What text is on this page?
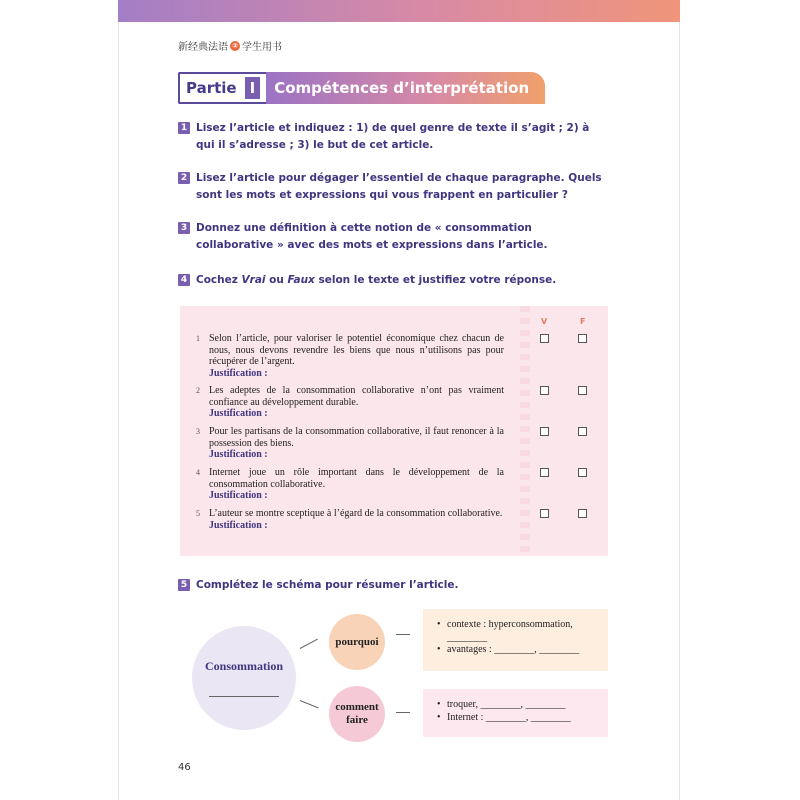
新经典法语 ② 学生用书
Partie I	Compétences d’interprétation
1 Lisez l’article et indiquez : 1) de quel genre de texte il s’agit ; 2) à qui il s’adresse ; 3) le but de cet article.
2 Lisez l’article pour dégager l’essentiel de chaque paragraphe. Quels sont les mots et expressions qui vous frappent en particulier ?
3 Donnez une définition à cette notion de « consommation collaborative » avec des mots et expressions dans l’article.
4 Cochez Vrai ou Faux selon le texte et justifiez votre réponse.
V	F
1 Selon l’article, pour valoriser le potentiel économique chez chacun de nous, nous devons revendre les biens que nous n’utilisons pas pour récupérer de l’argent.
Justification :
2 Les adeptes de la consommation collaborative n’ont pas vraiment confiance au développement durable.
Justification :
3 Pour les partisans de la consommation collaborative, il faut renoncer à la possession des biens.
Justification :
4 Internet joue un rôle important dans le développement de la consommation collaborative.
Justification :
5 L’auteur se montre sceptique à l’égard de la consommation collaborative.
Justification :
5 Complétez le schéma pour résumer l’article.
Consommation
pourquoi
comment
faire
• contexte : hyperconsommation, ________
• avantages : ________, ________
• troquer, ________, ________
• Internet : ________, ________
46
